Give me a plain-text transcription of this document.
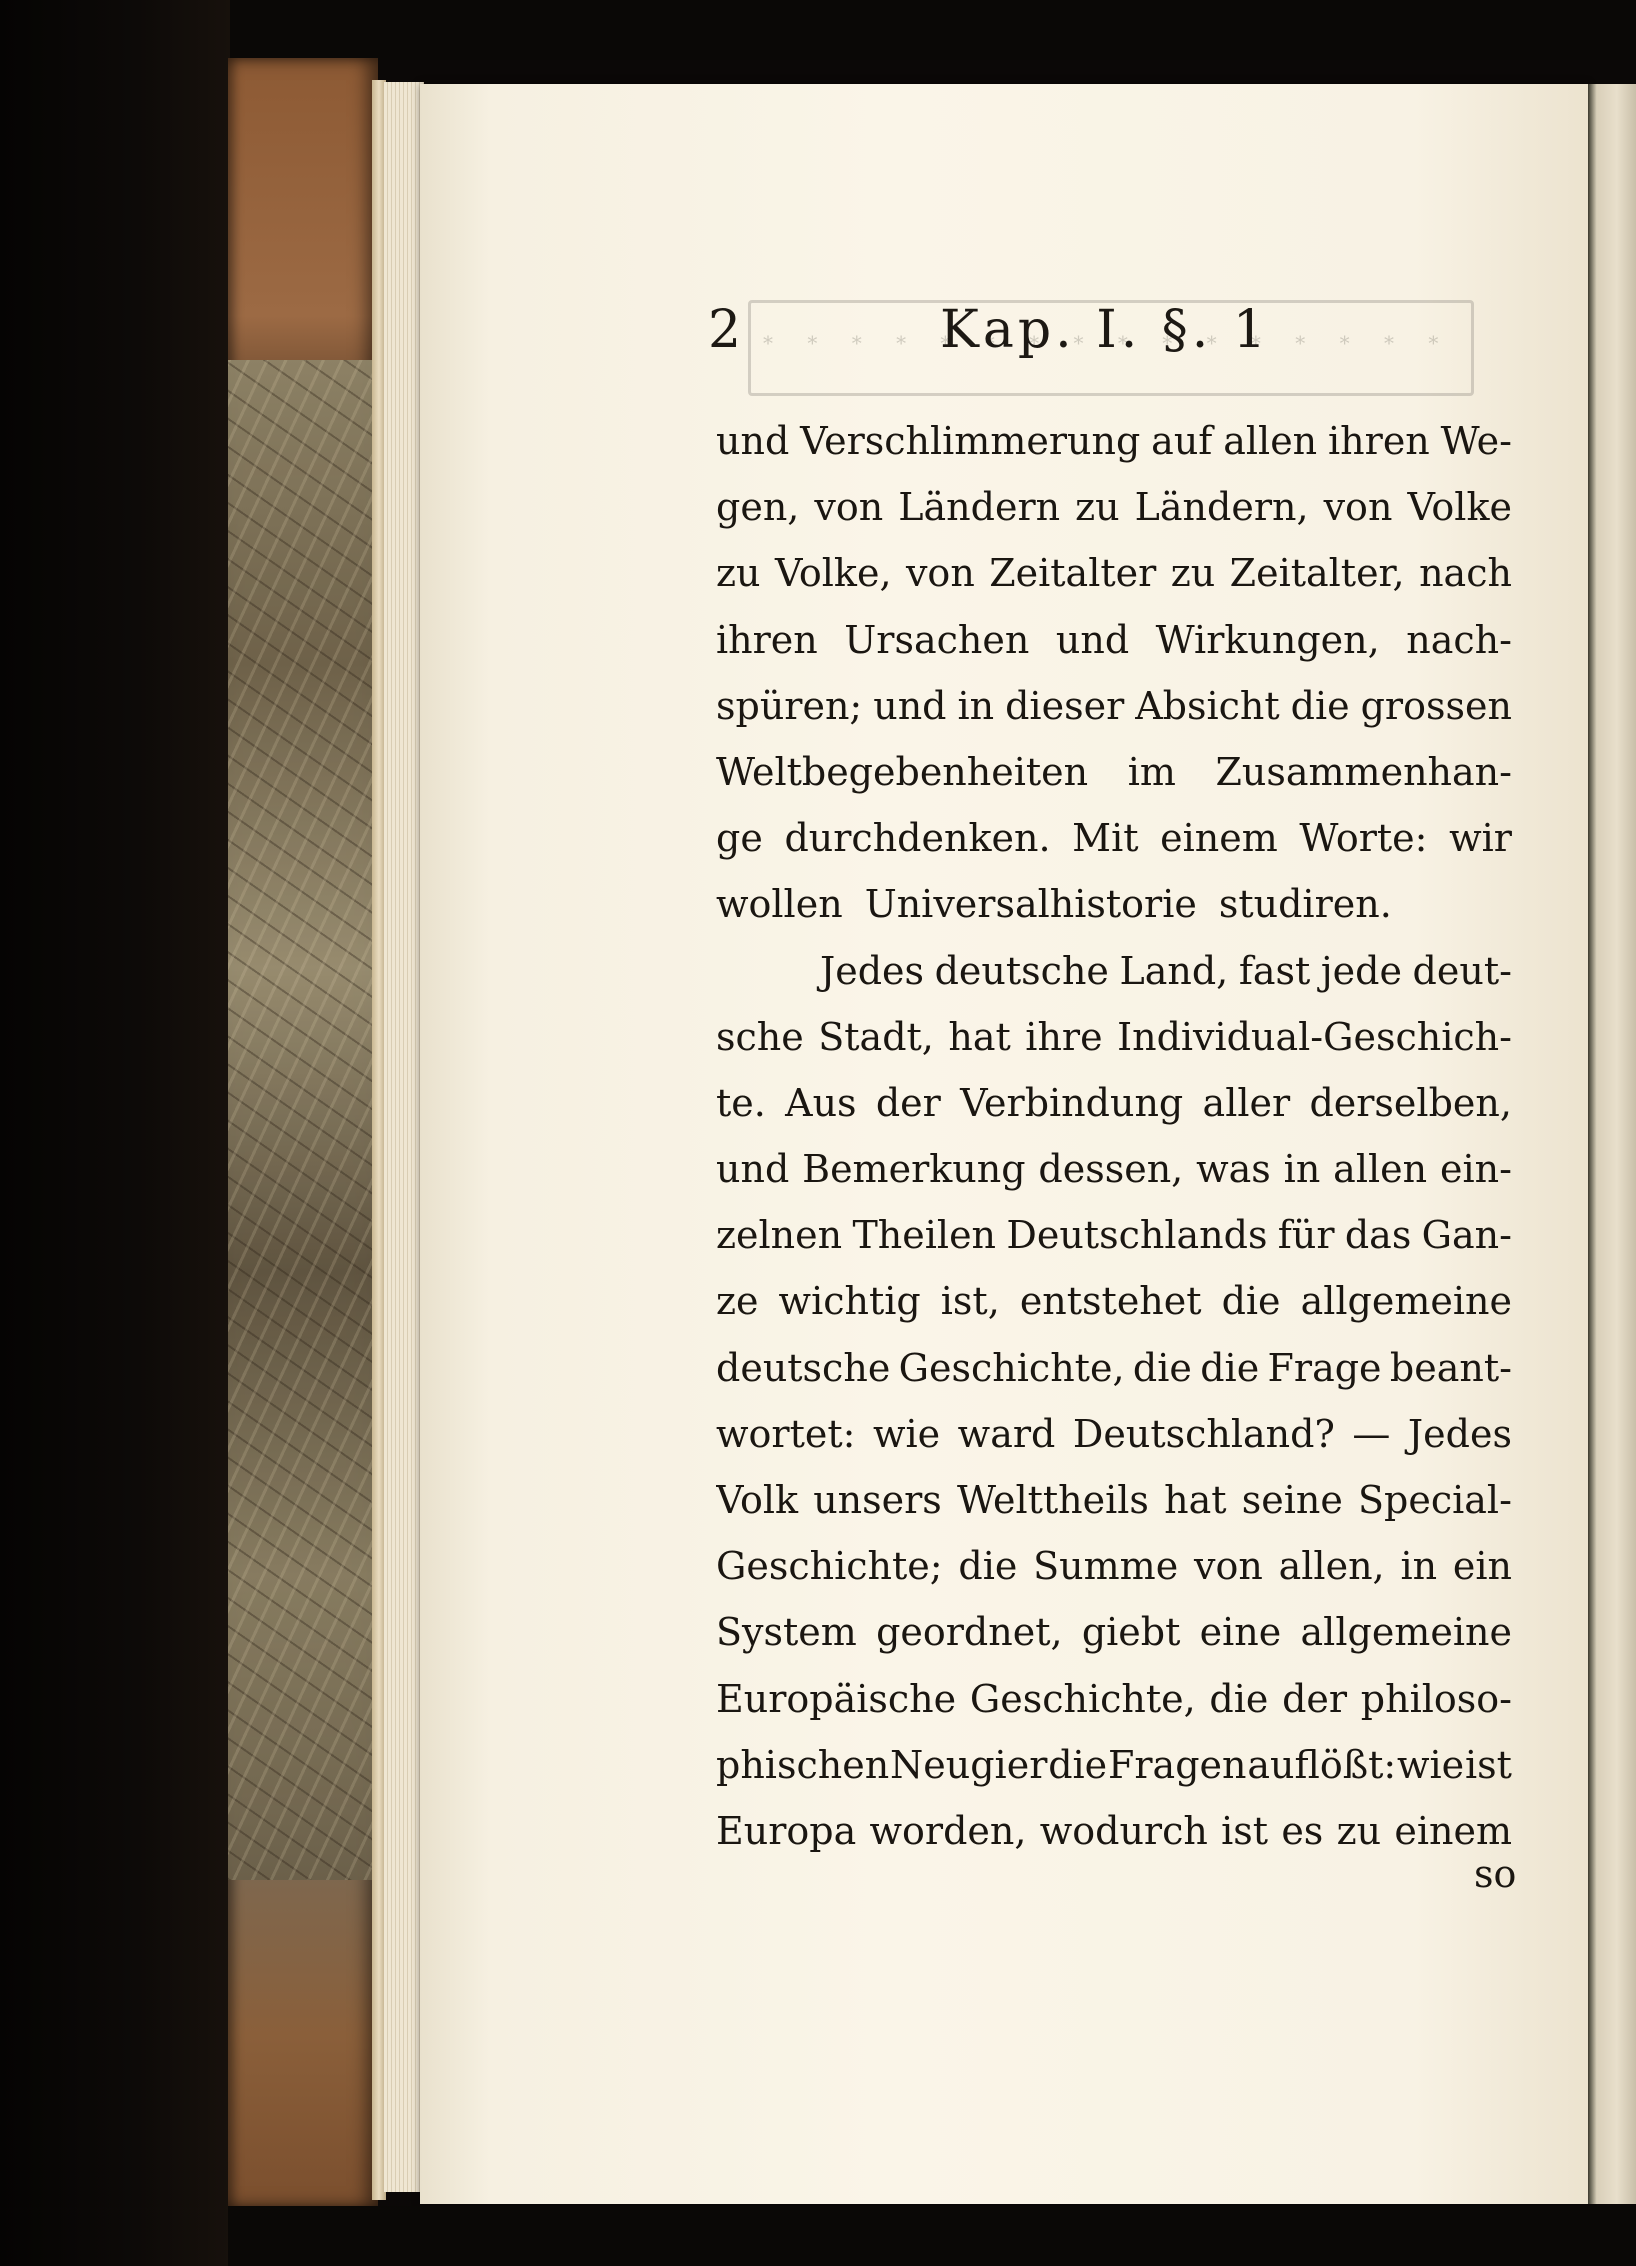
* * *
2	Kap. I. §. 1
und Verschlimmerung auf allen ihren We-
gen, von Ländern zu Ländern, von Volke
zu Volke, von Zeitalter zu Zeitalter, nach
ihren Ursachen und Wirkungen, nach-
spüren; und in dieser Absicht die grossen
Weltbegebenheiten im Zusammenhan-
ge durchdenken. Mit einem Worte: wir
wollen Universalhistorie studiren.
Jedes deutsche Land, fast jede deut-
sche Stadt, hat ihre Individual-Geschich-
te. Aus der Verbindung aller derselben,
und Bemerkung dessen, was in allen ein-
zelnen Theilen Deutschlands für das Gan-
ze wichtig ist, entstehet die allgemeine
deutsche Geschichte, die die Frage beant-
wortet: wie ward Deutschland? — Jedes
Volk unsers Welttheils hat seine Special-
Geschichte; die Summe von allen, in ein
System geordnet, giebt eine allgemeine
Europäische Geschichte, die der philoso-
phischen Neugier die Fragen auflößt: wie ist
Europa worden, wodurch ist es zu einem
so
